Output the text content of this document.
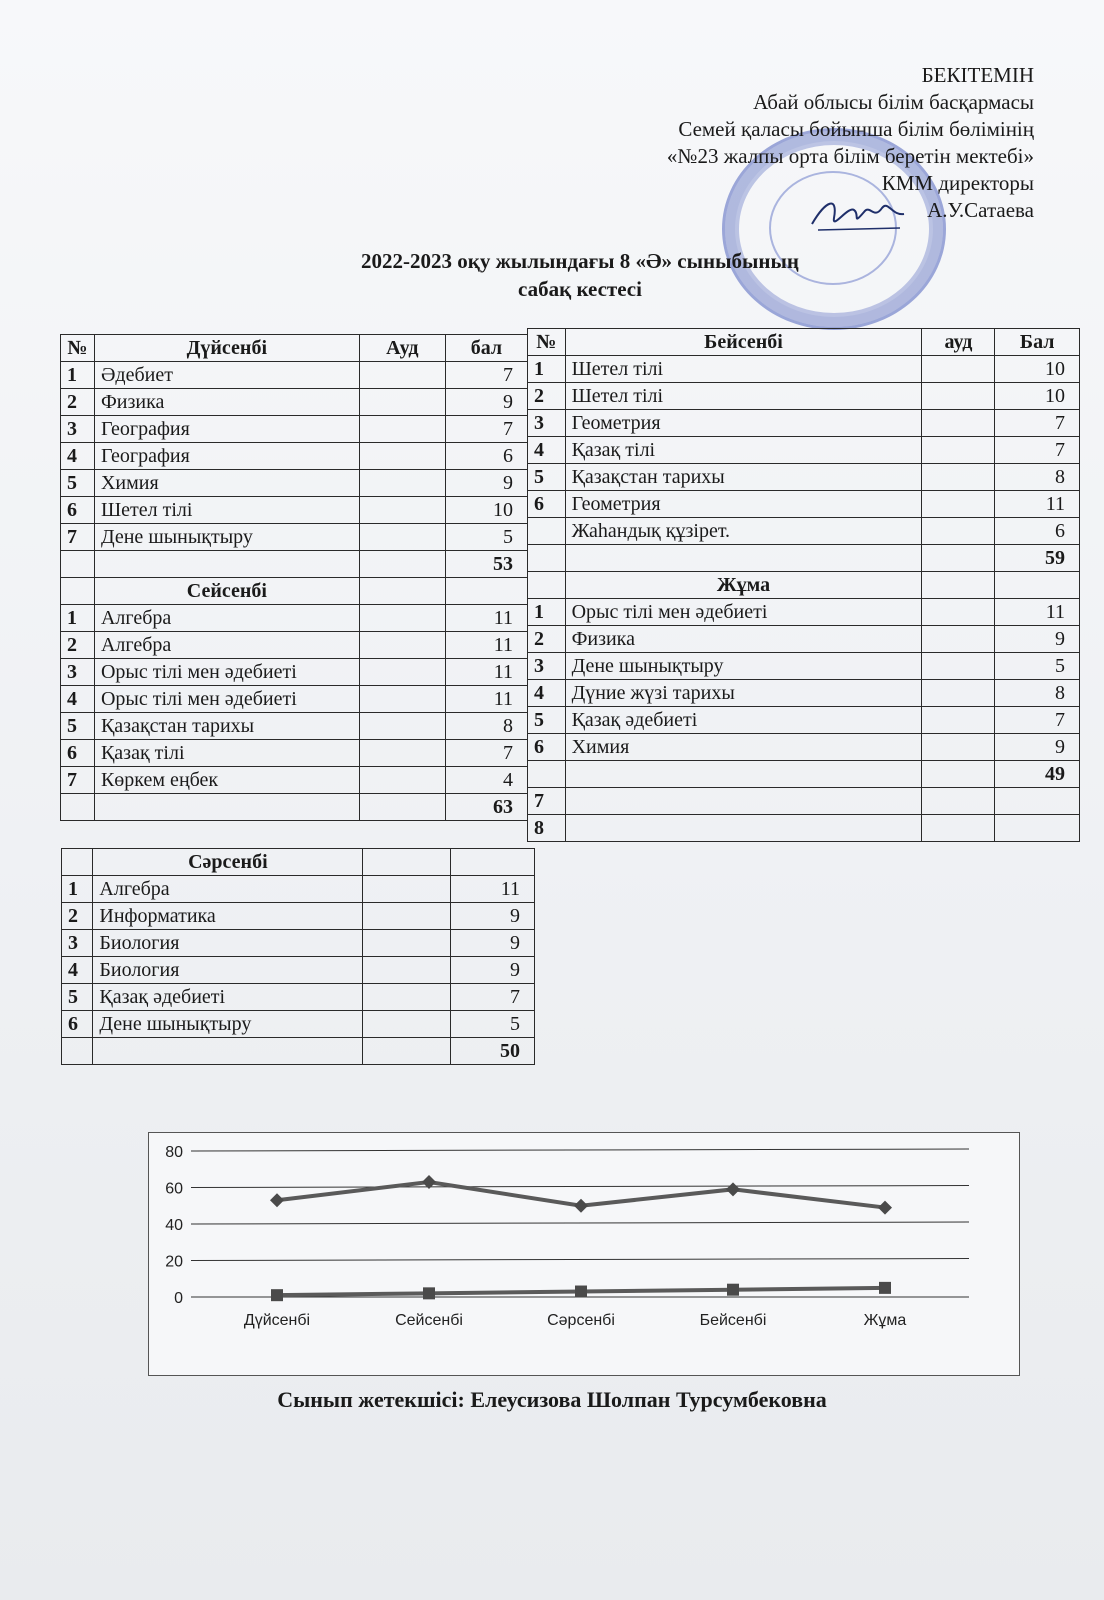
БЕКІТЕМІН
Абай облысы білім басқармасы
Семей қаласы бойынша білім бөлімінің
«№23 жалпы орта білім беретін мектебі»
КММ директоры
А.У.Сатаева
2022-2023 оқу жылындағы 8 «Ә» сыныбының
сабақ кестесі
№	Дүйсенбі	Ауд	бал
1	Әдебиет		7
2	Физика		9
3	География		7
4	География		6
5	Химия		9
6	Шетел тілі		10
7	Дене шынықтыру		5
			53
	Сейсенбі		
1	Алгебра		11
2	Алгебра		11
3	Орыс тілі мен әдебиеті		11
4	Орыс тілі мен әдебиеті		11
5	Қазақстан тарихы		8
6	Қазақ тілі		7
7	Көркем еңбек		4
			63
№	Бейсенбі	ауд	Бал
1	Шетел тілі		10
2	Шетел тілі		10
3	Геометрия		7
4	Қазақ тілі		7
5	Қазақстан тарихы		8
6	Геометрия		11
	Жаһандық құзірет.		6
			59
	Жұма		
1	Орыс тілі мен әдебиеті		11
2	Физика		9
3	Дене шынықтыру		5
4	Дүние жүзі тарихы		8
5	Қазақ әдебиеті		7
6	Химия		9
			49
7			
8			
	Сәрсенбі		
1	Алгебра		11
2	Информатика		9
3	Биология		9
4	Биология		9
5	Қазақ әдебиеті		7
6	Дене шынықтыру		5
			50
0
20
40
60
80
Дүйсенбі	Сейсенбі	Сәрсенбі	Бейсенбі	Жұма
Сынып жетекшісі: Елеусизова Шолпан Турсумбековна
